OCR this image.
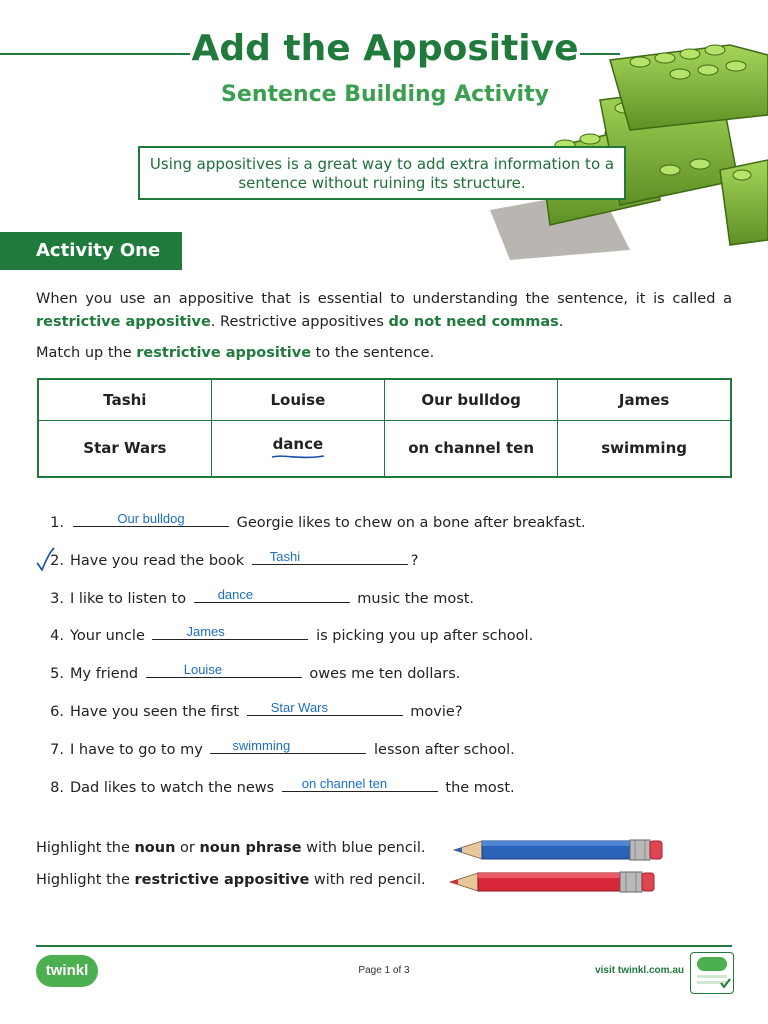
Add the Appositive
Sentence Building Activity
Using appositives is a great way to add extra information to a sentence without ruining its structure.
Activity One
When you use an appositive that is essential to understanding the sentence, it is called a restrictive appositive. Restrictive appositives do not need commas.
Match up the restrictive appositive to the sentence.
Tashi	Louise	Our bulldog	James
Star Wars	dance	on channel ten	swimming
1.	Our bulldog	Georgie likes to chew on a bone after breakfast.
2. Have you read the book	Tashi	?
3. I like to listen to	dance	music the most.
4. Your uncle	James	is picking you up after school.
5. My friend	Louise	owes me ten dollars.
6. Have you seen the first	Star Wars	movie?
7. I have to go to my	swimming	lesson after school.
8. Dad likes to watch the news	on channel ten	the most.
Highlight the noun or noun phrase with blue pencil.
Highlight the restrictive appositive with red pencil.
twinkl	Page 1 of 3	visit twinkl.com.au
